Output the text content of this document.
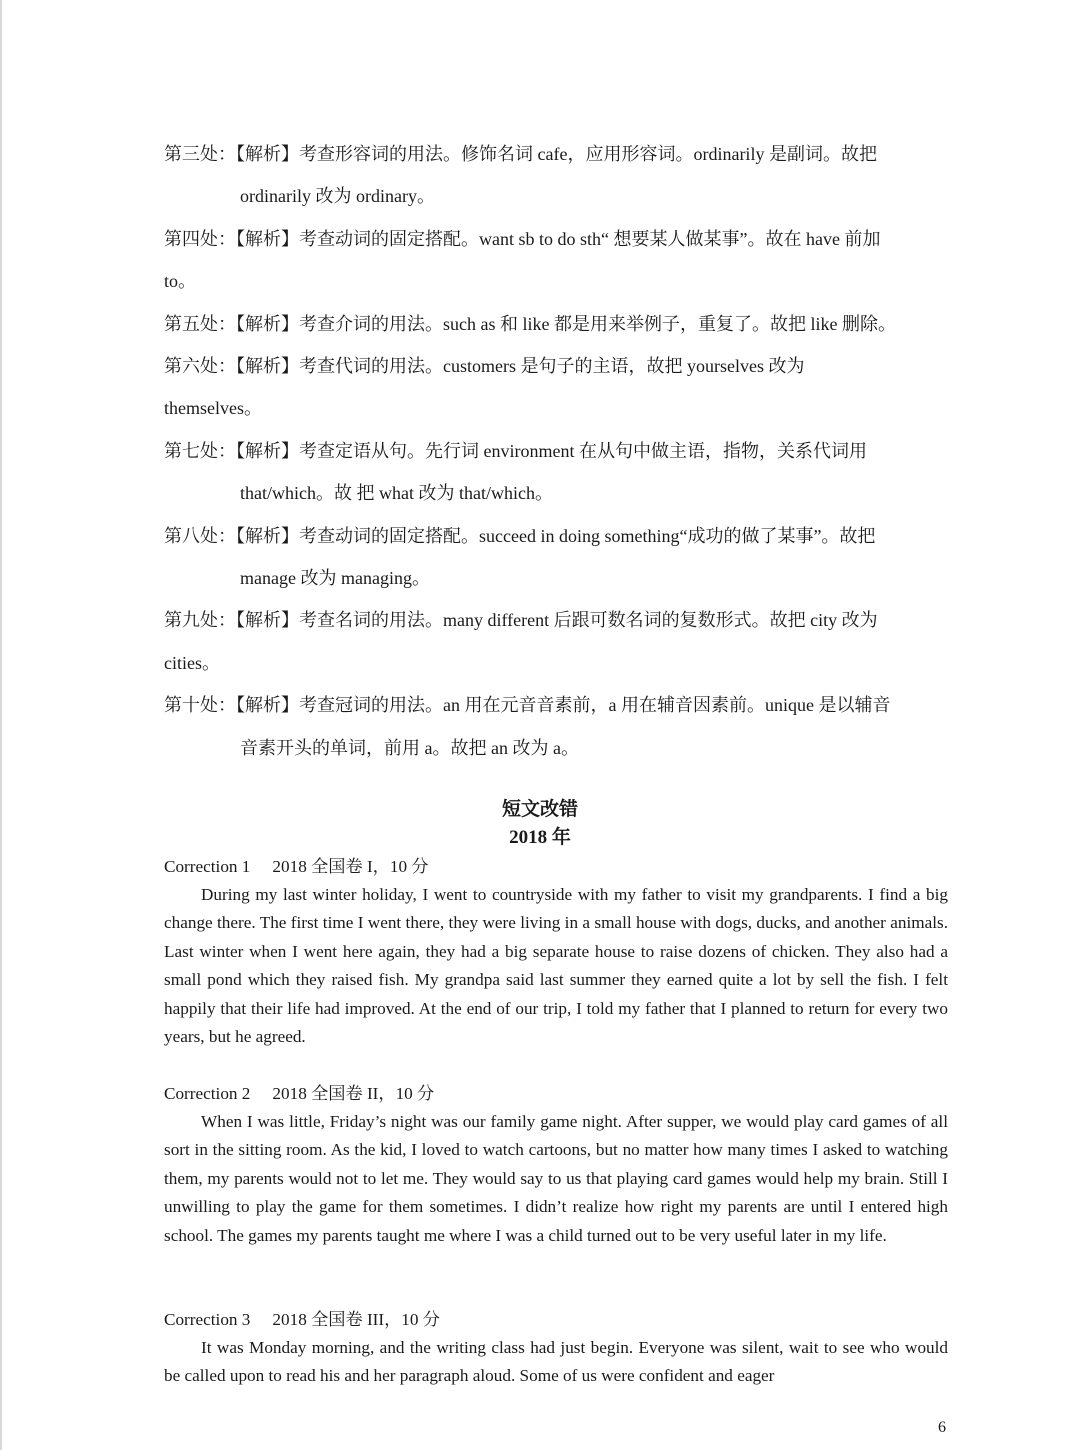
第三处：【解析】考查形容词的用法。修饰名词 cafe，应用形容词。ordinarily 是副词。故把
ordinarily 改为 ordinary。
第四处：【解析】考查动词的固定搭配。want sb to do sth“ 想要某人做某事”。故在 have 前加
to。
第五处：【解析】考查介词的用法。such as 和 like 都是用来举例子，重复了。故把 like 删除。
第六处：【解析】考查代词的用法。customers 是句子的主语，故把 yourselves 改为
themselves。
第七处：【解析】考查定语从句。先行词 environment 在从句中做主语，指物，关系代词用
that/which。故 把 what 改为 that/which。
第八处：【解析】考查动词的固定搭配。succeed in doing something“成功的做了某事”。故把
manage 改为 managing。
第九处：【解析】考查名词的用法。many different 后跟可数名词的复数形式。故把 city 改为
cities。
第十处：【解析】考查冠词的用法。an 用在元音音素前，a 用在辅音因素前。unique 是以辅音
音素开头的单词，前用 a。故把 an 改为 a。
短文改错
2018 年

Correction 1 2018 全国卷 I，10 分

During my last winter holiday, I went to countryside with my father to visit my grandparents. I find a big change there. The first time I went there, they were living in a small house with dogs, ducks, and another animals. Last winter when I went here again, they had a big separate house to raise dozens of chicken. They also had a small pond which they raised fish. My grandpa said last summer they earned quite a lot by sell the fish. I felt happily that their life had improved. At the end of our trip, I told my father that I planned to return for every two years, but he agreed.

Correction 2 2018 全国卷 II，10 分

When I was little, Friday’s night was our family game night. After supper, we would play card games of all sort in the sitting room. As the kid, I loved to watch cartoons, but no matter how many times I asked to watching them, my parents would not to let me. They would say to us that playing card games would help my brain. Still I unwilling to play the game for them sometimes. I didn’t realize how right my parents are until I entered high school. The games my parents taught me where I was a child turned out to be very useful later in my life.

Correction 3 2018 全国卷 III，10 分

It was Monday morning, and the writing class had just begin. Everyone was silent, wait to see who would be called upon to read his and her paragraph aloud. Some of us were confident and eager

6
